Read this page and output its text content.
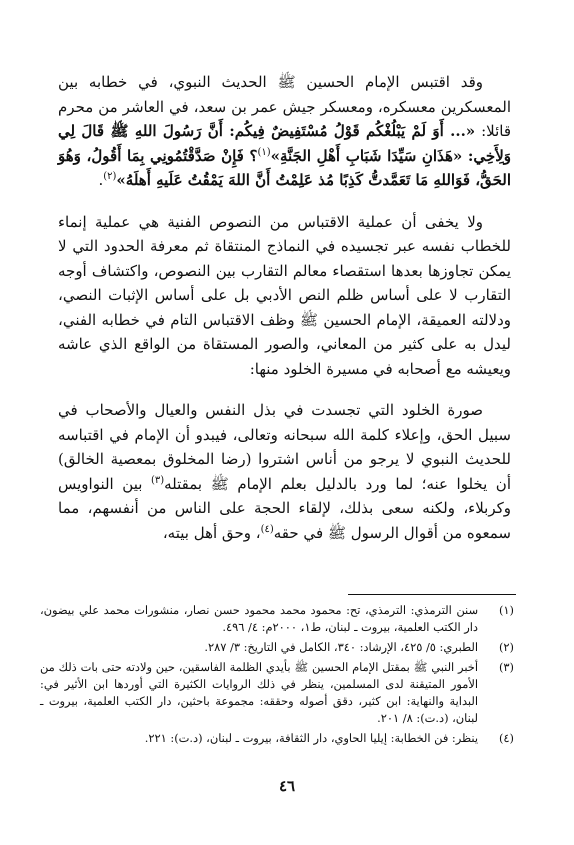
وقد اقتبس الإمام الحسين ﷺ الحديث النبوي، في خطابه بين المعسكرين معسكره، ومعسكر جيش عمر بن سعد، في العاشر من محرم قائلا: «... أَوَ لَمْ يَبْلُغْكُم قَوْلُ مُسْتَفِيضٌ فِيكُم: أَنَّ رَسُولَ اللهِ ﷺ قَالَ لِي وَلِأَخِي: «هَذَانِ سَيِّدَا شَبَابِ أَهْلِ الجَنَّةِ»$^{(١)}$؟ فَإِنْ صَدَّقْتُمُونِي بِمَا أَقُولُ، وَهُوَ الحَقُّ، فَوَاللهِ مَا تَعَمَّدتُّ كَذِبًا مُذ عَلِمْتُ أَنَّ اللهَ يَمْقُتُ عَلَيهِ أَهلَهُ»$^{(٢)}$.

ولا يخفى أن عملية الاقتباس من النصوص الفنية هي عملية إنماء للخطاب نفسه عبر تجسيده في النماذج المنتقاة ثم معرفة الحدود التي لا يمكن تجاوزها بعدها استقصاء معالم التقارب بين النصوص، واكتشاف أوجه التقارب لا على أساس ظلم النص الأدبي بل على أساس الإثبات النصي، ودلالته العميقة، الإمام الحسين ﷺ وظف الاقتباس التام في خطابه الفني، ليدل به على كثير من المعاني، والصور المستقاة من الواقع الذي عاشه ويعيشه مع أصحابه في مسيرة الخلود منها:

صورة الخلود التي تجسدت في بذل النفس والعيال والأصحاب في سبيل الحق، وإعلاء كلمة الله سبحانه وتعالى، فيبدو أن الإمام في اقتباسه للحديث النبوي لا يرجو من أناس اشتروا (رضا المخلوق بمعصية الخالق) أن يخلوا عنه؛ لما ورد بالدليل بعلم الإمام ﷺ بمقتله$^{(٣)}$ بين النواويس وكربلاء، ولكنه سعى بذلك، لإلقاء الحجة على الناس من أنفسهم، مما سمعوه من أقوال الرسول ﷺ في حقه$^{(٤)}$، وحق أهل بيته،

(١)
سنن الترمذي: الترمذي، تح: محمود محمد محمود حسن نصار، منشورات محمد علي بيضون، دار الكتب العلمية، بيروت ـ لبنان، ط١، ٢٠٠٠م: ٤/ ٤٩٦.
(٢)
الطبري: ٥/ ٤٢٥، الإرشاد: ٣٤٠، الكامل في التاريخ: ٣/ ٢٨٧.
(٣)
أخبر النبي ﷺ بمقتل الإمام الحسين ﷺ بأيدي الظلمة الفاسقين، حين ولادته حتى بات ذلك من الأمور المتيقنة لدى المسلمين، ينظر في ذلك الروايات الكثيرة التي أوردها ابن الأثير في: البداية والنهاية: ابن كثير، دقق أصوله وحققه: مجموعة باحثين، دار الكتب العلمية، بيروت ـ لبنان، (د.ت): ٨/ ٢٠١.
(٤)
ينظر: فن الخطابة: إيليا الحاوي، دار الثقافة، بيروت ـ لبنان، (د.ت): ٢٢١.
٤٦
